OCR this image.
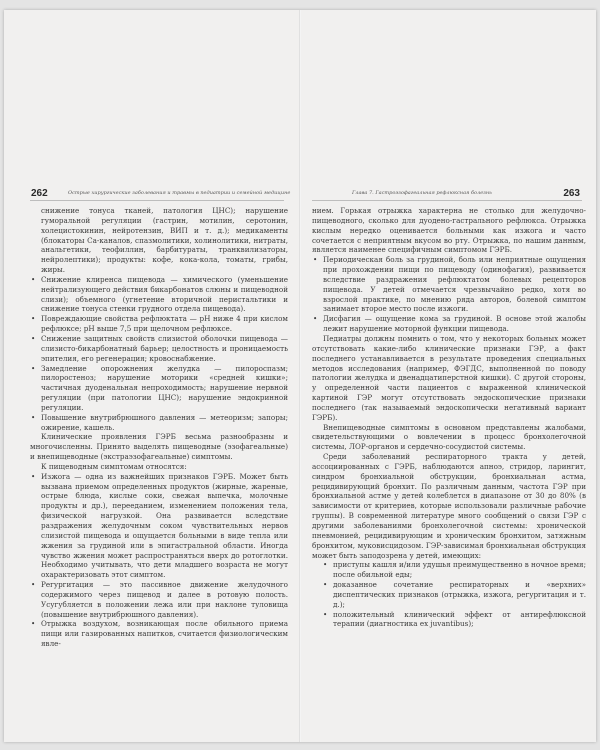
262	Острые хирургические заболевания и травмы в педиатрии и семейной медицине
снижение тонуса тканей, патология ЦНС); нарушение гуморальной регуляции (гастрин, мотилин, серотонин, холецистокинин, нейротензин, ВИП и т. д.); медикаменты (блокаторы Са-каналов, спазмолитики, холинолитики, нитраты, анальгетики, теофиллин, барбитураты, транквилизаторы, нейролептики); продукты: кофе, кока-кола, томаты, грибы, жиры.
• Снижение клиренса пищевода — химического (уменьшение нейтрализующего действия бикарбонатов слюны и пищеводной слизи); объемного (угнетение вторичной перистальтики и снижение тонуса стенки грудного отдела пищевода).
• Повреждающие свойства рефлюктата — pH ниже 4 при кислом рефлюксе; pH выше 7,5 при щелочном рефлюксе.
• Снижение защитных свойств слизистой оболочки пищевода — слизисто-бикарбонатный барьер; целостность и проницаемость эпителия, его регенерация; кровоснабжение.
• Замедление опорожнения желудка — пилороспазм; пилоростеноз; нарушение моторики «средней кишки»; частичная дуоденальная непроходимость; нарушение нервной регуляции (при патологии ЦНС); нарушение эндокринной регуляции.
• Повышение внутрибрюшного давления — метеоризм; запоры; ожирение, кашель.

Клинические проявления ГЭРБ весьма разнообразны и многочисленны. Принято выделять пищеводные (эзофагеальные) и внепищеводные (экстраэзофагеальные) симптомы.

К пищеводным симптомам относятся:

• Изжога — одна из важнейших признаков ГЭРБ. Может быть вызвана приемом определенных продуктов (жирные, жареные, острые блюда, кислые соки, свежая выпечка, молочные продукты и др.), перееданием, изменением положения тела, физической нагрузкой. Она развивается вследствие раздражения желудочным соком чувствительных нервов слизистой пищевода и ощущается больными в виде тепла или жжения за грудиной или в эпигастральной области. Иногда чувство жжения может распространяться вверх до ротоглотки. Необходимо учитывать, что дети младшего возраста не могут охарактеризовать этот симптом.
• Регургитация — это пассивное движение желудочного содержимого через пищевод и далее в ротовую полость. Усугубляется в положении лежа или при наклоне туловища (повышение внутрибрюшного давления).
• Отрыжка воздухом, возникающая после обильного приема пищи или газированных напитков, считается физиологическим явле-
Глава 7. Гастроэзофагеальная рефлюксная болезнь	263

нием. Горькая отрыжка характерна не столько для желудочно-пищеводного, сколько для дуодено-гастрального рефлюкса. Отрыжка кислым нередко оценивается больными как изжога и часто сочетается с неприятным вкусом во рту. Отрыжка, по нашим данным, является наименее специфичным симптомом ГЭРБ.

• Периодическая боль за грудиной, боль или неприятные ощущения при прохождении пищи по пищеводу (одинофагия), развивается вследствие раздражения рефлюктатом болевых рецепторов пищевода. У детей отмечается чрезвычайно редко, хотя во взрослой практике, по мнению ряда авторов, болевой симптом занимает второе место после изжоги.
• Дисфагия — ощущение кома за грудиной. В основе этой жалобы лежит нарушение моторной функции пищевода.

Педиатры должны помнить о том, что у некоторых больных может отсутствовать какие-либо клинические признаки ГЭР, а факт последнего устанавливается в результате проведения специальных методов исследования (например, ФЭГДС, выполненной по поводу патологии желудка и двенадцатиперстной кишки). С другой стороны, у определенной части пациентов с выраженной клинической картиной ГЭР могут отсутствовать эндоскопические признаки последнего (так называемый эндоскопически негативный вариант ГЭРБ).

Внепищеводные симптомы в основном представлены жалобами, свидетельствующими о вовлечении в процесс бронхолегочной системы, ЛОР-органов и сердечно-сосудистой системы.

Среди заболеваний респираторного тракта у детей, ассоциированных с ГЭРБ, наблюдаются апноэ, стридор, ларингит, синдром бронхиальной обструкции, бронхиальная астма, рецидивирующий бронхит. По различным данным, частота ГЭР при бронхиальной астме у детей колеблется в диапазоне от 30 до 80% (в зависимости от критериев, которые использовали различные рабочие группы). В современной литературе много сообщений о связи ГЭР с другими заболеваниями бронхолегочной системы: хронической пневмонией, рецидивирующим и хроническим бронхитом, затяжным бронхитом, муковисцидозом. ГЭР-зависимая бронхиальная обструкция может быть заподозрена у детей, имеющих:

• приступы кашля и/или удушья преимущественно в ночное время; после обильной еды;
• доказанное сочетание респираторных и «верхних» диспептических признаков (отрыжка, изжога, регургитация и т. д.);
• положительный клинический эффект от антирефлюксной терапии (диагностика ex juvantibus);
